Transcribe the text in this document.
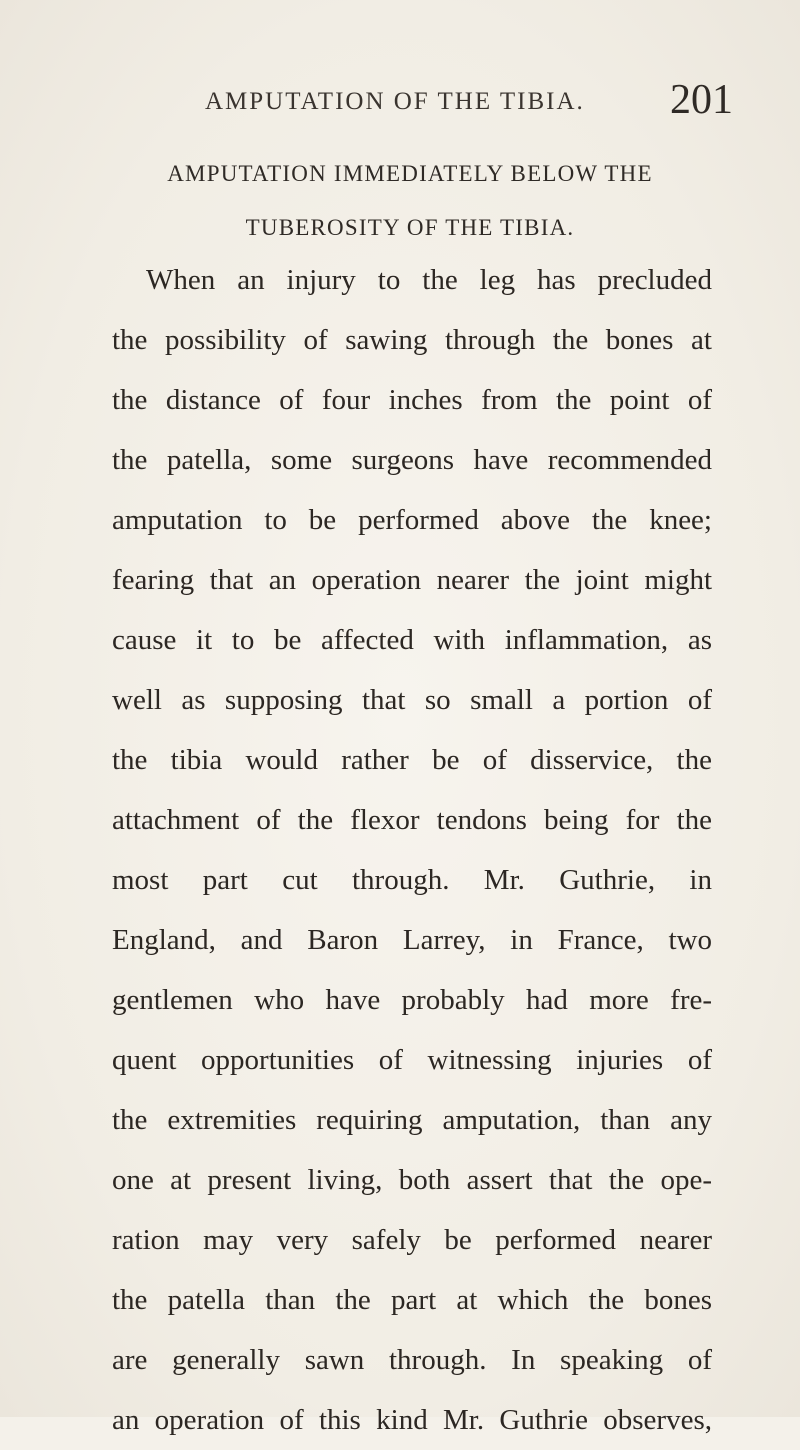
AMPUTATION OF THE TIBIA.	201
AMPUTATION IMMEDIATELY BELOW THE
TUBEROSITY OF THE TIBIA.
When an injury to the leg has precluded
the possibility of sawing through the bones at
the distance of four inches from the point of
the patella, some surgeons have recommended
amputation to be performed above the knee;
fearing that an operation nearer the joint might
cause it to be affected with inflammation, as
well as supposing that so small a portion of
the tibia would rather be of disservice, the
attachment of the flexor tendons being for the
most part cut through. Mr. Guthrie, in
England, and Baron Larrey, in France, two
gentlemen who have probably had more fre-
quent opportunities of witnessing injuries of
the extremities requiring amputation, than any
one at present living, both assert that the ope-
ration may very safely be performed nearer
the patella than the part at which the bones
are generally sawn through. In speaking of
an operation of this kind Mr. Guthrie observes,
